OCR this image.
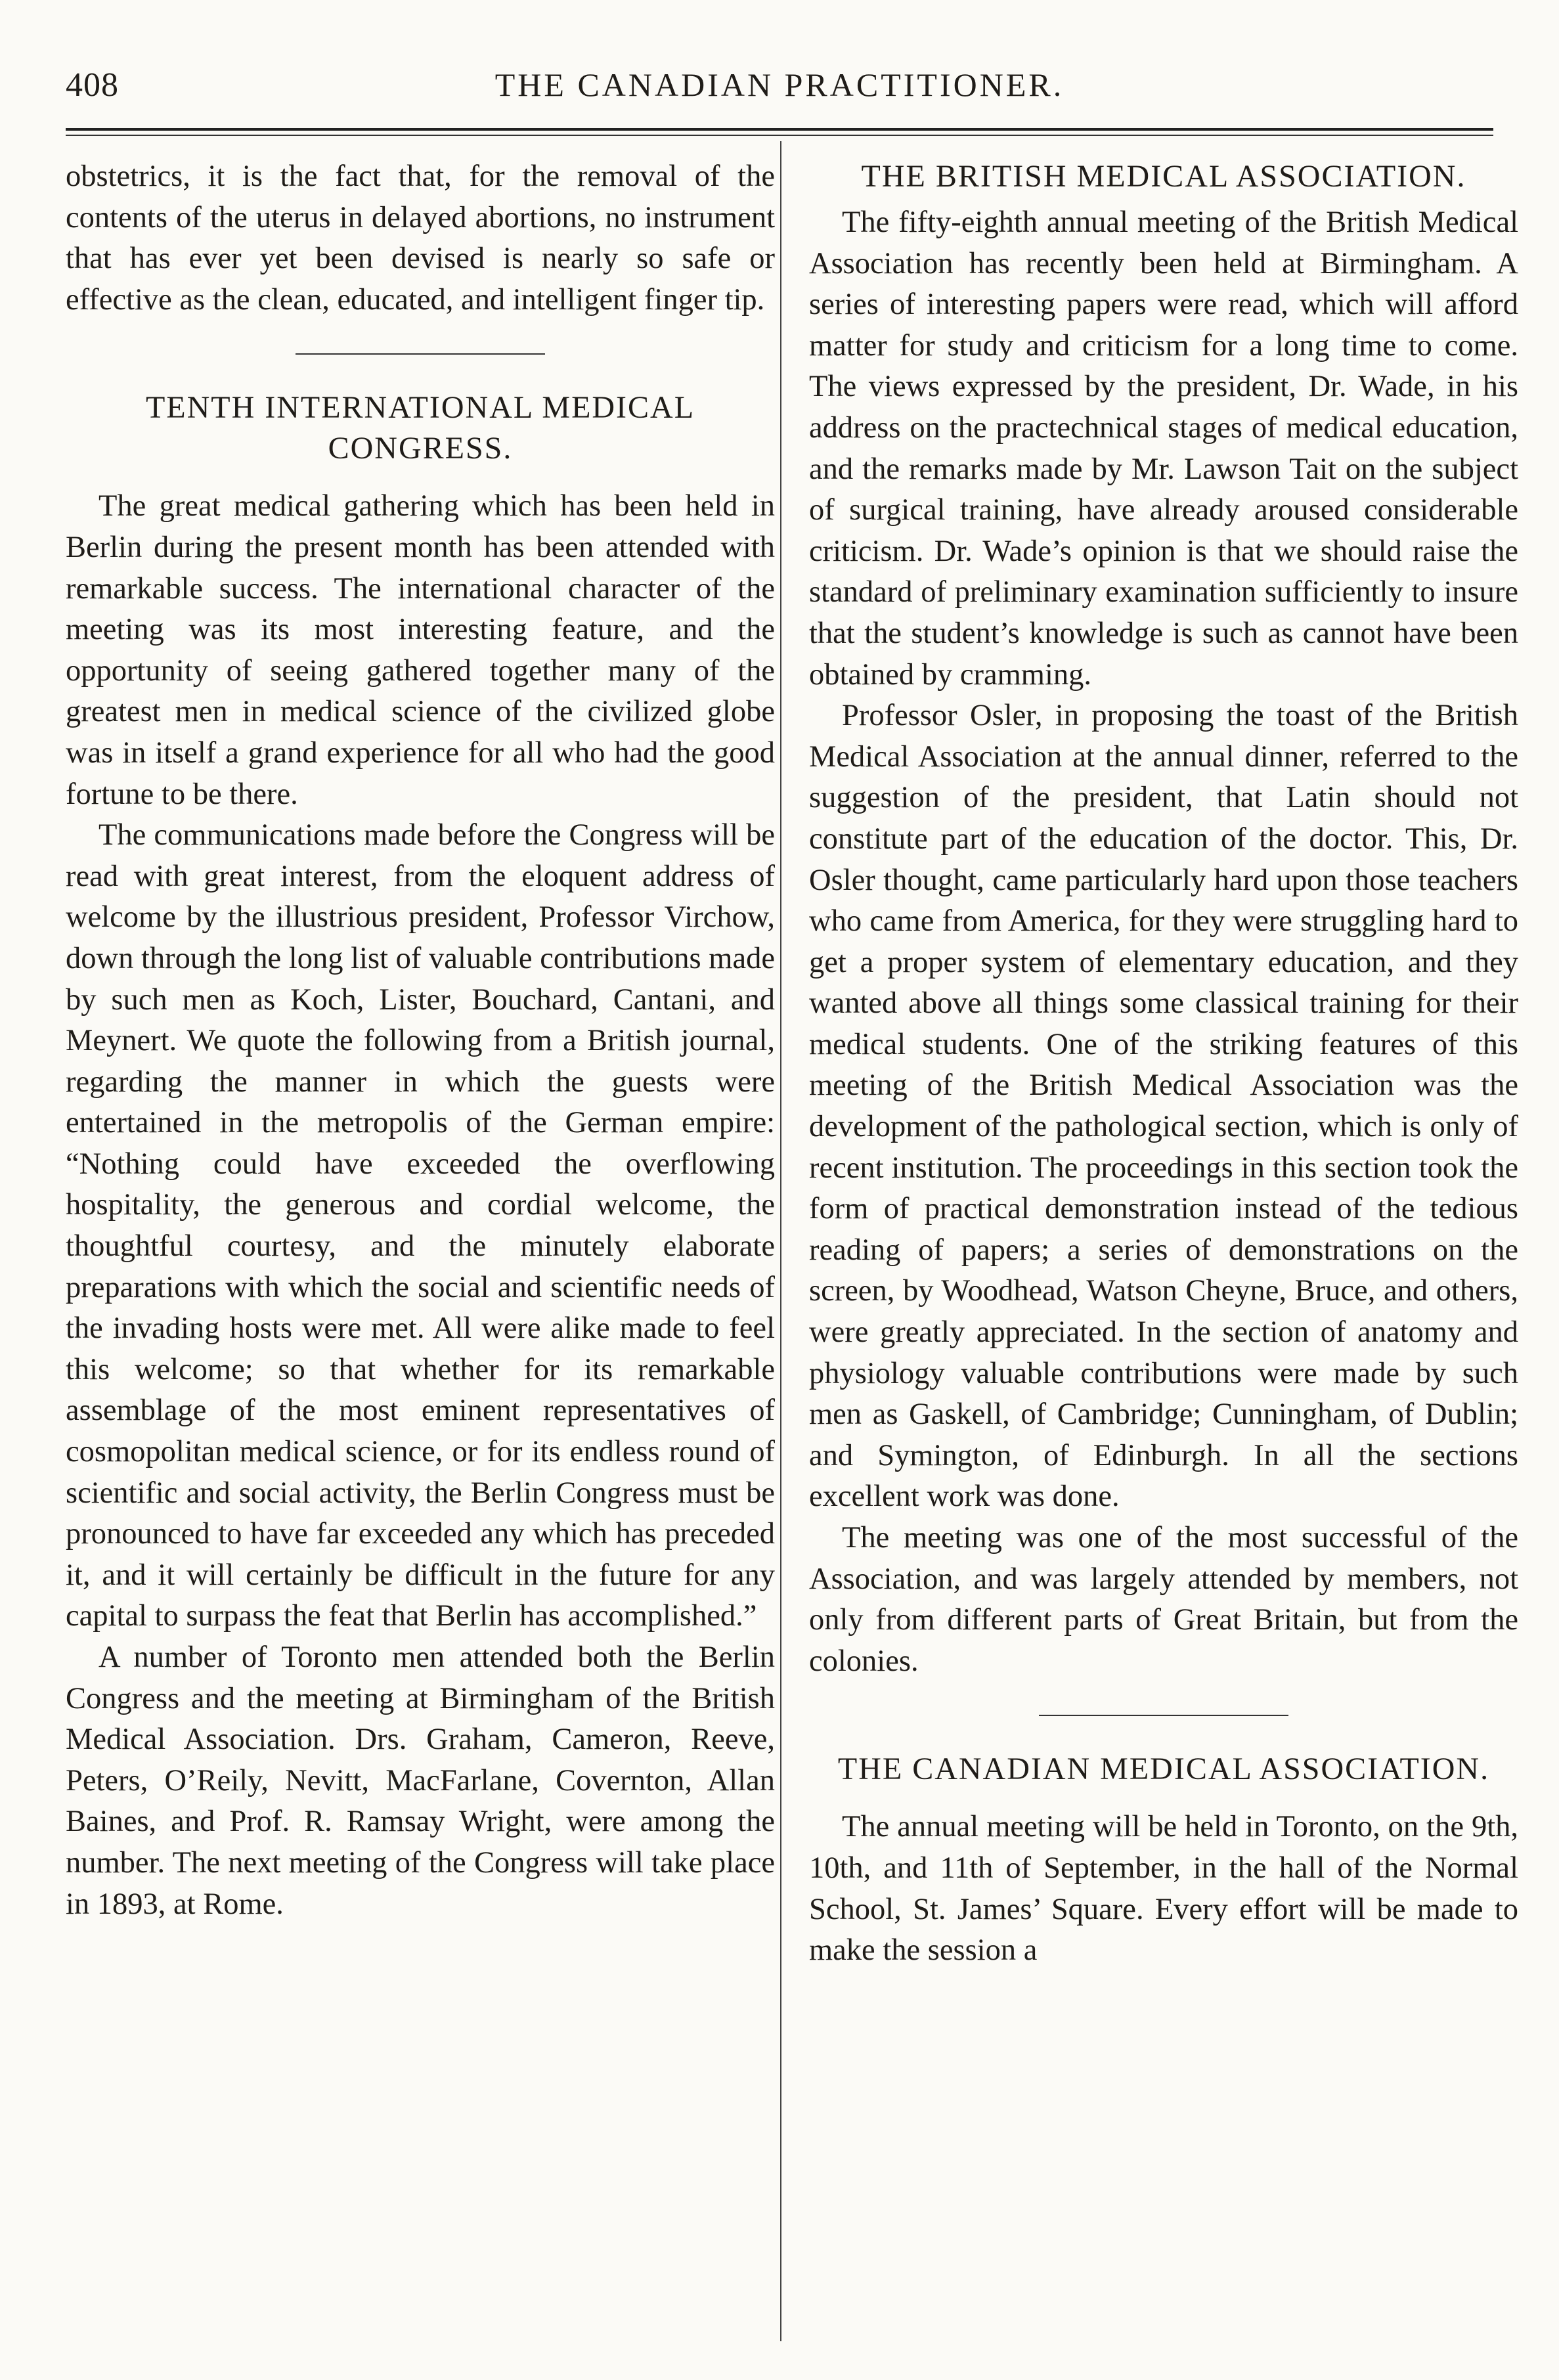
408	THE CANADIAN PRACTITIONER.

obstetrics, it is the fact that, for the removal of the contents of the uterus in delayed abortions, no instrument that has ever yet been devised is nearly so safe or effective as the clean, educated, and intelligent finger tip.

TENTH INTERNATIONAL MEDICAL CONGRESS.

The great medical gathering which has been held in Berlin during the present month has been attended with remarkable success. The international character of the meeting was its most interesting feature, and the opportunity of seeing gathered together many of the greatest men in medical science of the civilized globe was in itself a grand experience for all who had the good fortune to be there.

The communications made before the Congress will be read with great interest, from the eloquent address of welcome by the illustrious president, Professor Virchow, down through the long list of valuable contributions made by such men as Koch, Lister, Bouchard, Cantani, and Meynert. We quote the following from a British journal, regarding the manner in which the guests were entertained in the metropolis of the German empire: “Nothing could have exceeded the overflowing hospitality, the generous and cordial welcome, the thoughtful courtesy, and the minutely elaborate preparations with which the social and scientific needs of the invading hosts were met. All were alike made to feel this welcome; so that whether for its remarkable assemblage of the most eminent representatives of cosmopolitan medical science, or for its endless round of scientific and social activity, the Berlin Congress must be pronounced to have far exceeded any which has preceded it, and it will certainly be difficult in the future for any capital to surpass the feat that Berlin has accomplished.”

A number of Toronto men attended both the Berlin Congress and the meeting at Birmingham of the British Medical Association. Drs. Graham, Cameron, Reeve, Peters, O’Reily, Nevitt, MacFarlane, Covernton, Allan Baines, and Prof. R. Ramsay Wright, were among the number. The next meeting of the Congress will take place in 1893, at Rome.

THE BRITISH MEDICAL ASSOCIATION.

The fifty-eighth annual meeting of the British Medical Association has recently been held at Birmingham. A series of interesting papers were read, which will afford matter for study and criticism for a long time to come. The views expressed by the president, Dr. Wade, in his address on the practechnical stages of medical education, and the remarks made by Mr. Lawson Tait on the subject of surgical training, have already aroused considerable criticism. Dr. Wade’s opinion is that we should raise the standard of preliminary examination sufficiently to insure that the student’s knowledge is such as cannot have been obtained by cramming.

Professor Osler, in proposing the toast of the British Medical Association at the annual dinner, referred to the suggestion of the president, that Latin should not constitute part of the education of the doctor. This, Dr. Osler thought, came particularly hard upon those teachers who came from America, for they were struggling hard to get a proper system of elementary education, and they wanted above all things some classical training for their medical students. One of the striking features of this meeting of the British Medical Association was the development of the pathological section, which is only of recent institution. The proceedings in this section took the form of practical demonstration instead of the tedious reading of papers; a series of demonstrations on the screen, by Woodhead, Watson Cheyne, Bruce, and others, were greatly appreciated. In the section of anatomy and physiology valuable contributions were made by such men as Gaskell, of Cambridge; Cunningham, of Dublin; and Symington, of Edinburgh. In all the sections excellent work was done.

The meeting was one of the most successful of the Association, and was largely attended by members, not only from different parts of Great Britain, but from the colonies.

THE CANADIAN MEDICAL ASSOCIATION.

The annual meeting will be held in Toronto, on the 9th, 10th, and 11th of September, in the hall of the Normal School, St. James’ Square. Every effort will be made to make the session a
